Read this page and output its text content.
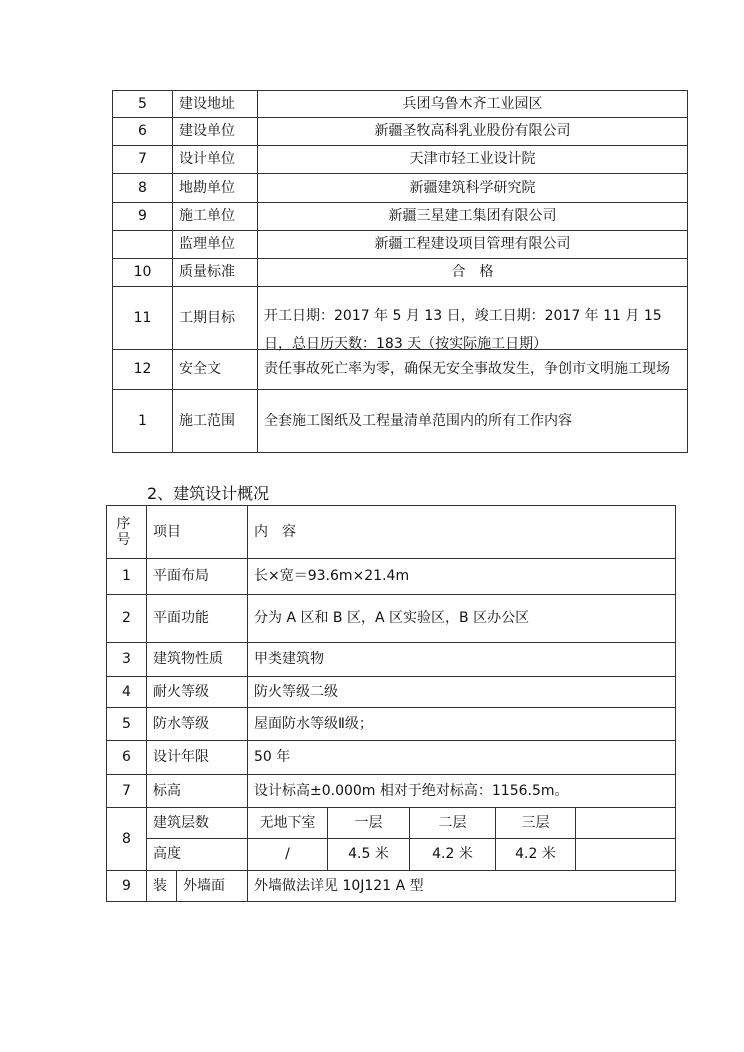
5	建设地址	兵团乌鲁木齐工业园区
6	建设单位	新疆圣牧高科乳业股份有限公司
7	设计单位	天津市轻工业设计院
8	地勘单位	新疆建筑科学研究院
9	施工单位	新疆三星建工集团有限公司
	监理单位	新疆工程建设项目管理有限公司
10	质量标准	合　格
11	工期目标	开工日期：2017 年 5 月 13 日，竣工日期：2017 年 11 月 15 日，总日历天数：183 天（按实际施工日期）

12	安全文	责任事故死亡率为零，确保无安全事故发生，争创市文明施工现场

1	施工范围	全套施工图纸及工程量清单范围内的所有工作内容
2、建筑设计概况
序号	项目		内　容				
1	平面布局		长×宽＝93.6m×21.4m				
2	平面功能		分为 A 区和 B 区，A 区实验区，B 区办公区				
3	建筑物性质		甲类建筑物				
4	耐火等级		防火等级二级				
5	防水等级		屋面防水等级Ⅱ级；				
6	设计年限		50 年				
7	标高		设计标高±0.000m 相对于绝对标高：1156.5m。				
8	建筑层数		无地下室	一层	二层	三层	
	高度		/	4.5 米	4.2 米	4.2 米	
9	装	外墙面	外墙做法详见 10J121 A 型				
